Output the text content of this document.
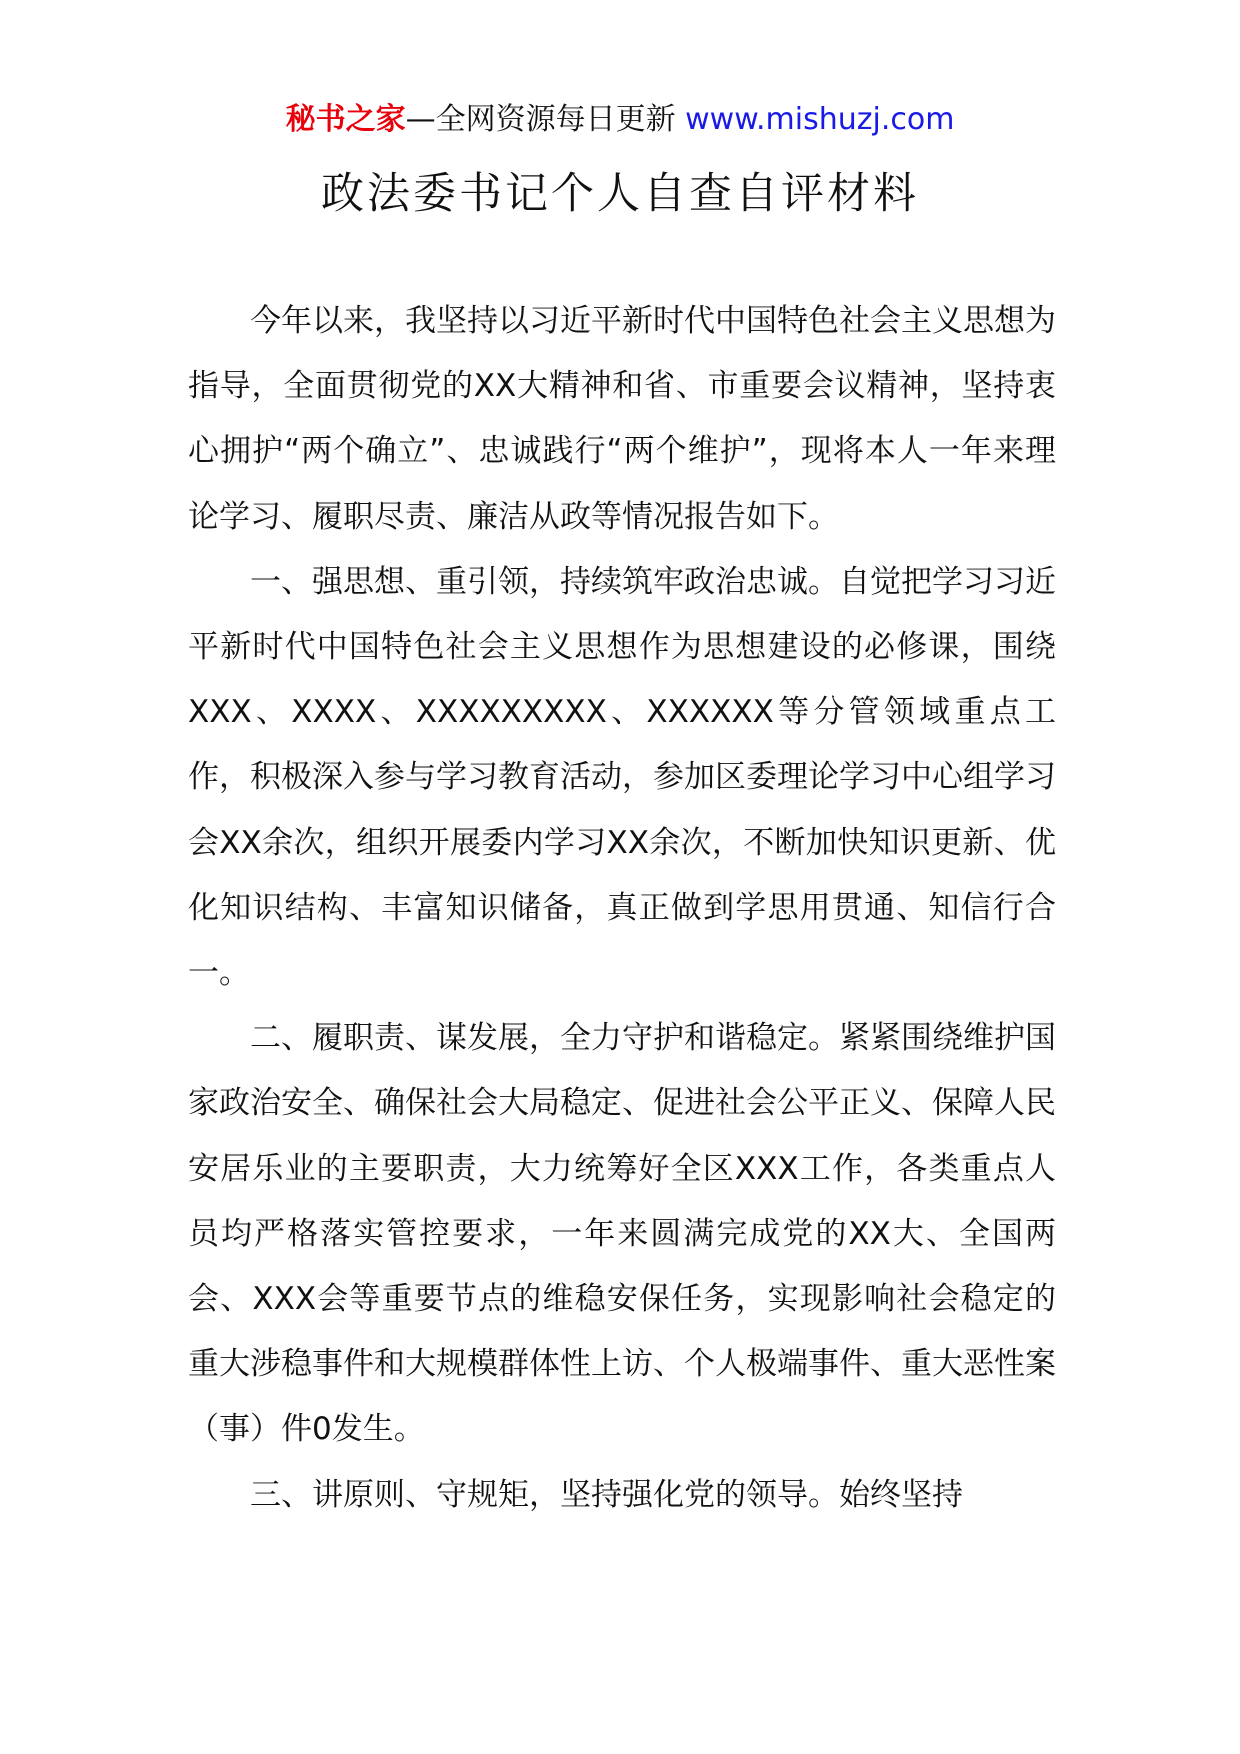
秘书之家—全网资源每日更新 www.mishuzj.com
政法委书记个人自查自评材料

今年以来，我坚持以习近平新时代中国特色社会主义思想为指导，全面贯彻党的XX大精神和省、市重要会议精神，坚持衷心拥护“两个确立”、忠诚践行“两个维护”，现将本人一年来理论学习、履职尽责、廉洁从政等情况报告如下。

一、强思想、重引领，持续筑牢政治忠诚。自觉把学习习近平新时代中国特色社会主义思想作为思想建设的必修课，围绕XXX、XXXX、XXXXXXXXX、XXXXXX等分管领域重点工作，积极深入参与学习教育活动，参加区委理论学习中心组学习会XX余次，组织开展委内学习XX余次，不断加快知识更新、优化知识结构、丰富知识储备，真正做到学思用贯通、知信行合一。

二、履职责、谋发展，全力守护和谐稳定。紧紧围绕维护国家政治安全、确保社会大局稳定、促进社会公平正义、保障人民安居乐业的主要职责，大力统筹好全区XXX工作，各类重点人员均严格落实管控要求，一年来圆满完成党的XX大、全国两会、XXX会等重要节点的维稳安保任务，实现影响社会稳定的重大涉稳事件和大规模群体性上访、个人极端事件、重大恶性案（事）件0发生。

三、讲原则、守规矩，坚持强化党的领导。始终坚持
